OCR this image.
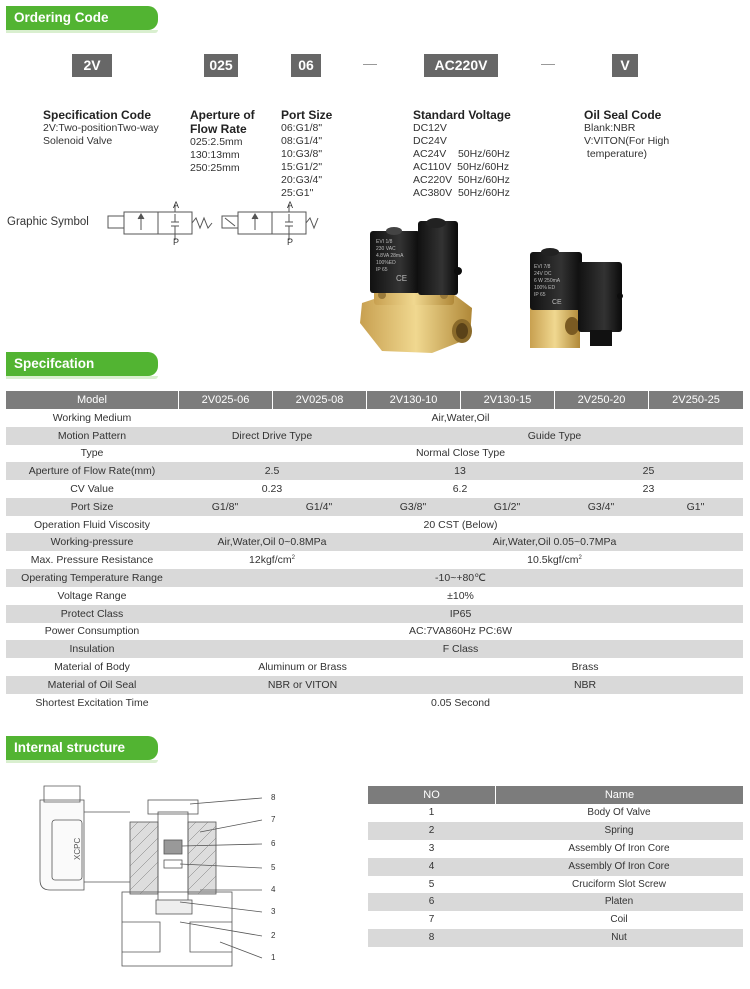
Ordering Code
2V	025	06	AC220V	V
Specification Code
2V:Two-positionTwo-way
Solenoid Valve
Aperture of
Flow Rate
025:2.5mm
130:13mm
250:25mm
Port Size
06:G1/8"
08:G1/4"
10:G3/8"
15:G1/2"
20:G3/4"
25:G1"
Standard Voltage
DC12V
DC24V
AC24V    50Hz/60Hz
AC110V  50Hz/60Hz
AC220V  50Hz/60Hz
AC380V  50Hz/60Hz
Oil Seal Code
Blank:NBR
V:VITON(For High
temperature)
Graphic Symbol
A
P
A
P	EVI 1/8
230 VAC
4.8VA 28mA
100%ED
IP 65
CE
EVI 7/8
24V DC
6 W 250mA
100% ED
IP 65
CE
Specifcation
Model	2V025-06	2V025-08	2V130-10	2V130-15	2V250-20	2V250-25
Working Medium	Air,Water,Oil
Motion Pattern	Direct Drive Type	Guide Type
Type	Normal Close Type
Aperture of Flow Rate(mm)	2.5	13	25
CV Value	0.23	6.2	23
Port Size	G1/8"	G1/4"	G3/8"	G1/2"	G3/4"	G1"
Operation Fluid Viscosity	20 CST (Below)
Working-pressure	Air,Water,Oil 0~0.8MPa	Air,Water,Oil 0.05~0.7MPa
Max. Pressure Resistance	$12kgf/cm^2$	$10.5kgf/cm^2$
Operating Temperature Range	-10~+80℃
Voltage Range	±10%
Protect Class	IP65
Power Consumption	AC:7VA860Hz PC:6W
Insulation	F Class
Material of Body	Aluminum or Brass	Brass
Material of Oil Seal	NBR or VITON	NBR
Shortest Excitation Time	0.05 Second
Internal structure
XCPC
8
7
6
5
4
3
2
1
NO	Name
1	Body Of Valve
2	Spring
3	Assembly Of Iron Core
4	Assembly Of Iron Core
5	Cruciform Slot Screw
6	Platen
7	Coil
8	Nut
